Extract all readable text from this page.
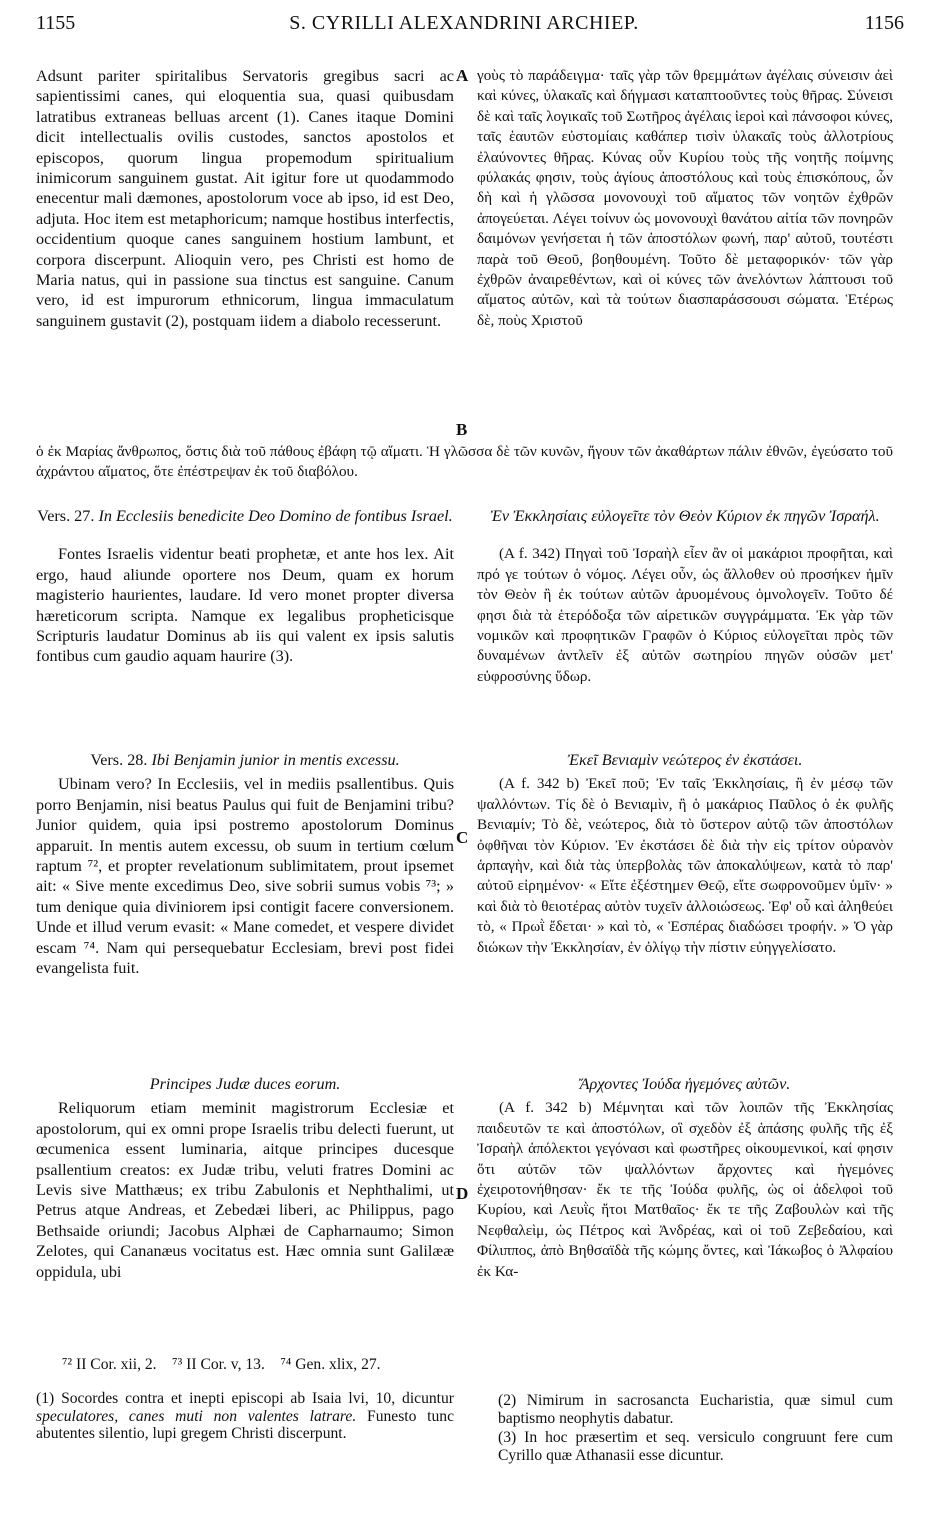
1155	S. CYRILLI ALEXANDRINI ARCHIEP.	1156
A
B
C
D

Adsunt pariter spiritalibus Servatoris gregibus sacri ac sapientissimi canes, qui eloquentia sua, quasi quibusdam latratibus extraneas belluas arcent (1). Canes itaque Domini dicit intellectualis ovilis custodes, sanctos apostolos et episcopos, quorum lingua propemodum spiritualium inimicorum sanguinem gustat. Ait igitur fore ut quodammodo enecentur mali dæmones, apostolorum voce ab ipso, id est Deo, adjuta. Hoc item est metaphoricum; namque hostibus interfectis, occidentium quoque canes sanguinem hostium lambunt, et corpora discerpunt. Alioquin vero, pes Christi est homo de Maria natus, qui in passione sua tinctus est sanguine. Canum vero, id est impurorum ethnicorum, lingua immaculatum sanguinem gustavit (2), postquam iidem a diabolo recesserunt.

γοὺς τὸ παράδειγμα· ταῖς γὰρ τῶν θρεμμάτων ἀγέλαις σύνεισιν ἀεὶ καὶ κύνες, ὑλακαῖς καὶ δήγμασι καταπτοοῦντες τοὺς θῆρας. Σύνεισι δὲ καὶ ταῖς λογικαῖς τοῦ Σωτῆρος ἀγέλαις ἱεροὶ καὶ πάνσοφοι κύνες, ταῖς ἑαυτῶν εὐστομίαις καθάπερ τισὶν ὑλακαῖς τοὺς ἀλλοτρίους ἐλαύνοντες θῆρας. Κύνας οὖν Κυρίου τοὺς τῆς νοητῆς ποίμνης φύλακάς φησιν, τοὺς ἁγίους ἀποστόλους καὶ τοὺς ἐπισκόπους, ὧν δὴ καὶ ἡ γλῶσσα μονονουχὶ τοῦ αἵματος τῶν νοητῶν ἐχθρῶν ἀπογεύεται. Λέγει τοίνυν ὡς μονονουχὶ θανάτου αἰτία τῶν πονηρῶν δαιμόνων γενήσεται ἡ τῶν ἀποστόλων φωνή, παρ' αὐτοῦ, τουτέστι παρὰ τοῦ Θεοῦ, βοηθουμένη. Τοῦτο δὲ μεταφορικόν· τῶν γὰρ ἐχθρῶν ἀναιρεθέντων, καὶ οἱ κύνες τῶν ἀνελόντων λάπτουσι τοῦ αἵματος αὐτῶν, καὶ τὰ τούτων διασπαράσσουσι σώματα. Ἑτέρως δὲ, ποὺς Χριστοῦ

ὁ ἐκ Μαρίας ἄνθρωπος, ὅστις διὰ τοῦ πάθους ἐβάφη τῷ αἵματι. Ἡ γλῶσσα δὲ τῶν κυνῶν, ἤγουν τῶν ἀκαθάρτων πάλιν ἐθνῶν, ἐγεύσατο τοῦ ἀχράντου αἵματος, ὅτε ἐπέστρεψαν ἐκ τοῦ διαβόλου.

Vers. 27. In Ecclesiis benedicite Deo Domino de fontibus Israel.

Fontes Israelis videntur beati prophetæ, et ante hos lex. Ait ergo, haud aliunde oportere nos Deum, quam ex horum magisterio haurientes, laudare. Id vero monet propter diversa hæreticorum scripta. Namque ex legalibus propheticisque Scripturis laudatur Dominus ab iis qui valent ex ipsis salutis fontibus cum gaudio aquam haurire (3).

Ἐν Ἐκκλησίαις εὐλογεῖτε τὸν Θεὸν Κύριον ἐκ πηγῶν Ἰσραήλ.

(A f. 342) Πηγαὶ τοῦ Ἰσραὴλ εἶεν ἂν οἱ μακάριοι προφῆται, καὶ πρό γε τούτων ὁ νόμος. Λέγει οὖν, ὡς ἄλλοθεν οὐ προσήκεν ἡμῖν τὸν Θεὸν ἢ ἐκ τούτων αὐτῶν ἀρυομένους ὁμνολογεῖν. Τοῦτο δέ φησι διὰ τὰ ἑτερόδοξα τῶν αἱρετικῶν συγγράμματα. Ἐκ γὰρ τῶν νομικῶν καὶ προφητικῶν Γραφῶν ὁ Κύριος εὐλογεῖται πρὸς τῶν δυναμένων ἀντλεῖν ἐξ αὐτῶν σωτηρίου πηγῶν οὐσῶν μετ' εὐφροσύνης ὕδωρ.

Vers. 28. Ibi Benjamin junior in mentis excessu.

Ubinam vero? In Ecclesiis, vel in mediis psallentibus. Quis porro Benjamin, nisi beatus Paulus qui fuit de Benjamini tribu? Junior quidem, quia ipsi postremo apostolorum Dominus apparuit. In mentis autem excessu, ob suum in tertium cœlum raptum ⁷², et propter revelationum sublimitatem, prout ipsemet ait: « Sive mente excedimus Deo, sive sobrii sumus vobis ⁷³; » tum denique quia diviniorem ipsi contigit facere conversionem. Unde et illud verum evasit: « Mane comedet, et vespere dividet escam ⁷⁴. Nam qui persequebatur Ecclesiam, brevi post fidei evangelista fuit.

Ἐκεῖ Βενιαμὶν νεώτερος ἐν ἐκστάσει.

(A f. 342 b) Ἐκεῖ ποῦ; Ἐν ταῖς Ἐκκλησίαις, ἢ ἐν μέσῳ τῶν ψαλλόντων. Τίς δὲ ὁ Βενιαμὶν, ἢ ὁ μακάριος Παῦλος ὁ ἐκ φυλῆς Βενιαμίν; Τὸ δὲ, νεώτερος, διὰ τὸ ὕστερον αὐτῷ τῶν ἀποστόλων ὀφθῆναι τὸν Κύριον. Ἐν ἐκστάσει δὲ διὰ τὴν εἰς τρίτον οὐρανὸν ἁρπαγὴν, καὶ διὰ τὰς ὑπερβολὰς τῶν ἀποκαλύψεων, κατὰ τὸ παρ' αὐτοῦ εἰρημένον· « Εἴτε ἐξέστημεν Θεῷ, εἴτε σωφρονοῦμεν ὑμῖν· » καὶ διὰ τὸ θειοτέρας αὐτὸν τυχεῖν ἀλλοιώσεως. Ἐφ' οὗ καὶ ἀληθεύει τὸ, « Πρωῒ ἔδεται· » καὶ τὸ, « Ἑσπέρας διαδώσει τροφήν. » Ὁ γὰρ διώκων τὴν Ἐκκλησίαν, ἐν ὀλίγῳ τὴν πίστιν εὐηγγελίσατο.

Principes Judæ duces eorum.

Reliquorum etiam meminit magistrorum Ecclesiæ et apostolorum, qui ex omni prope Israelis tribu delecti fuerunt, ut œcumenica essent luminaria, aitque principes ducesque psallentium creatos: ex Judæ tribu, veluti fratres Domini ac Levis sive Matthæus; ex tribu Zabulonis et Nephthalimi, ut Petrus atque Andreas, et Zebedæi liberi, ac Philippus, pago Bethsaide oriundi; Jacobus Alphæi de Capharnaumo; Simon Zelotes, qui Cananæus vocitatus est. Hæc omnia sunt Galilææ oppidula, ubi

Ἄρχοντες Ἰούδα ἡγεμόνες αὐτῶν.

(A f. 342 b) Μέμνηται καὶ τῶν λοιπῶν τῆς Ἐκκλησίας παιδευτῶν τε καὶ ἀποστόλων, οἳ σχεδὸν ἐξ ἁπάσης φυλῆς τῆς ἐξ Ἰσραὴλ ἀπόλεκτοι γεγόνασι καὶ φωστῆρες οἰκουμενικοί, καί φησιν ὅτι αὐτῶν τῶν ψαλλόντων ἄρχοντες καὶ ἡγεμόνες ἐχειροτονήθησαν· ἔκ τε τῆς Ἰούδα φυλῆς, ὡς οἱ ἀδελφοὶ τοῦ Κυρίου, καὶ Λευῒς ἤτοι Ματθαῖος· ἔκ τε τῆς Ζαβουλὼν καὶ τῆς Νεφθαλεὶμ, ὡς Πέτρος καὶ Ἀνδρέας, καὶ οἱ τοῦ Ζεβεδαίου, καὶ Φίλιππος, ἀπὸ Βηθσαϊδὰ τῆς κώμης ὄντες, καὶ Ἰάκωβος ὁ Ἀλφαίου ἐκ Κα-

⁷² II Cor. xii, 2. ⁷³ II Cor. v, 13. ⁷⁴ Gen. xlix, 27.
(1) Socordes contra et inepti episcopi ab Isaia lvi, 10, dicuntur speculatores, canes muti non valentes latrare. Funesto tunc abutentes silentio, lupi gregem Christi discerpunt.

(2) Nimirum in sacrosancta Eucharistia, quæ simul cum baptismo neophytis dabatur.

(3) In hoc præsertim et seq. versiculo congruunt fere cum Cyrillo quæ Athanasii esse dicuntur.
